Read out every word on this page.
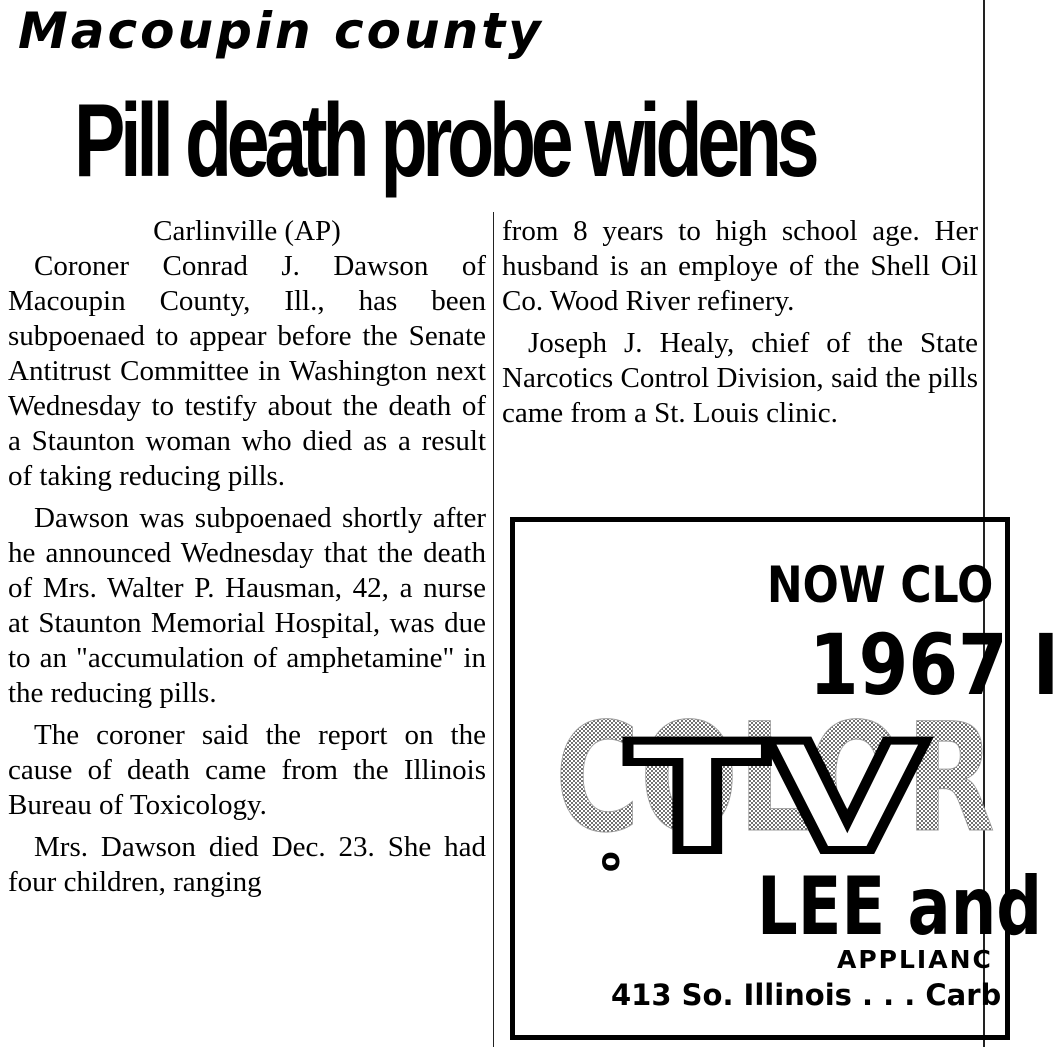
Macoupin county
Pill death probe widens

Carlinville (AP)

Coroner Conrad J. Dawson of Macoupin County, Ill., has been subpoenaed to appear before the Senate Antitrust Committee in Washington next Wednesday to testify about the death of a Staunton woman who died as a result of taking reducing pills.

Dawson was subpoenaed shortly after he announced Wednesday that the death of Mrs. Walter P. Hausman, 42, a nurse at Staunton Memorial Hospital, was due to an "accumulation of amphetamine" in the reducing pills.

The coroner said the report on the cause of death came from the Illinois Bureau of Toxicology.

Mrs. Dawson died Dec. 23. She had four children, ranging

from 8 years to high school age. Her husband is an employe of the Shell Oil Co. Wood River refinery.

Joseph J. Healy, chief of the State Narcotics Control Division, said the pills came from a St. Louis clinic.

NOW CLO
1967 I
COLOR
TV
o LEE and
APPLIANC
413 So. Illinois . . . Carb
